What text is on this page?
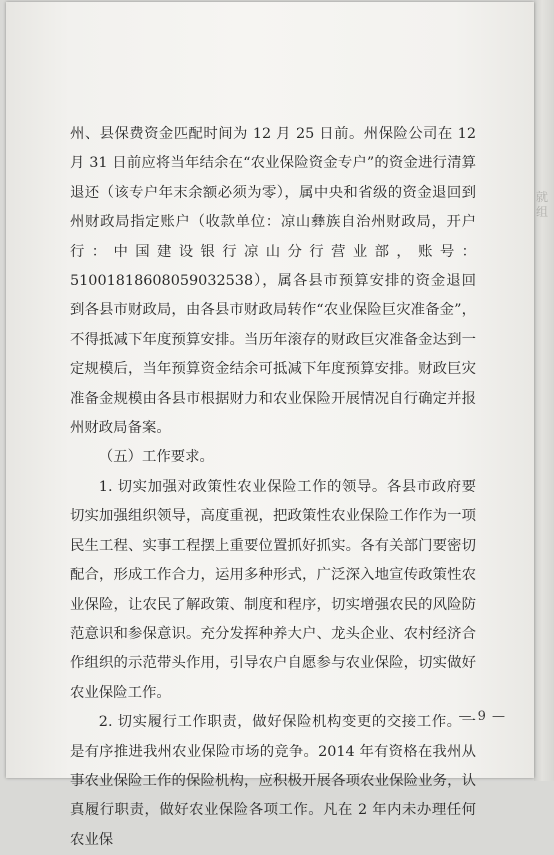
就组

州、县保费资金匹配时间为 12 月 25 日前。州保险公司在 12 月 31 日前应将当年结余在“农业保险资金专户”的资金进行清算退还（该专户年末余额必须为零），属中央和省级的资金退回到州财政局指定账户（收款单位：凉山彝族自治州财政局，开户行：中国建设银行凉山分行营业部，账号：51001818608059032538），属各县市预算安排的资金退回到各县市财政局，由各县市财政局转作“农业保险巨灾准备金”，不得抵减下年度预算安排。当历年滚存的财政巨灾准备金达到一定规模后，当年预算资金结余可抵减下年度预算安排。财政巨灾准备金规模由各县市根据财力和农业保险开展情况自行确定并报州财政局备案。

（五）工作要求。

1. 切实加强对政策性农业保险工作的领导。各县市政府要切实加强组织领导，高度重视，把政策性农业保险工作作为一项民生工程、实事工程摆上重要位置抓好抓实。各有关部门要密切配合，形成工作合力，运用多种形式，广泛深入地宣传政策性农业保险，让农民了解政策、制度和程序，切实增强农民的风险防范意识和参保意识。充分发挥种养大户、龙头企业、农村经济合作组织的示范带头作用，引导农户自愿参与农业保险，切实做好农业保险工作。

2. 切实履行工作职责，做好保险机构变更的交接工作。一是有序推进我州农业保险市场的竞争。2014 年有资格在我州从事农业保险工作的保险机构，应积极开展各项农业保险业务，认真履行职责，做好农业保险各项工作。凡在 2 年内未办理任何农业保

— 9 —
